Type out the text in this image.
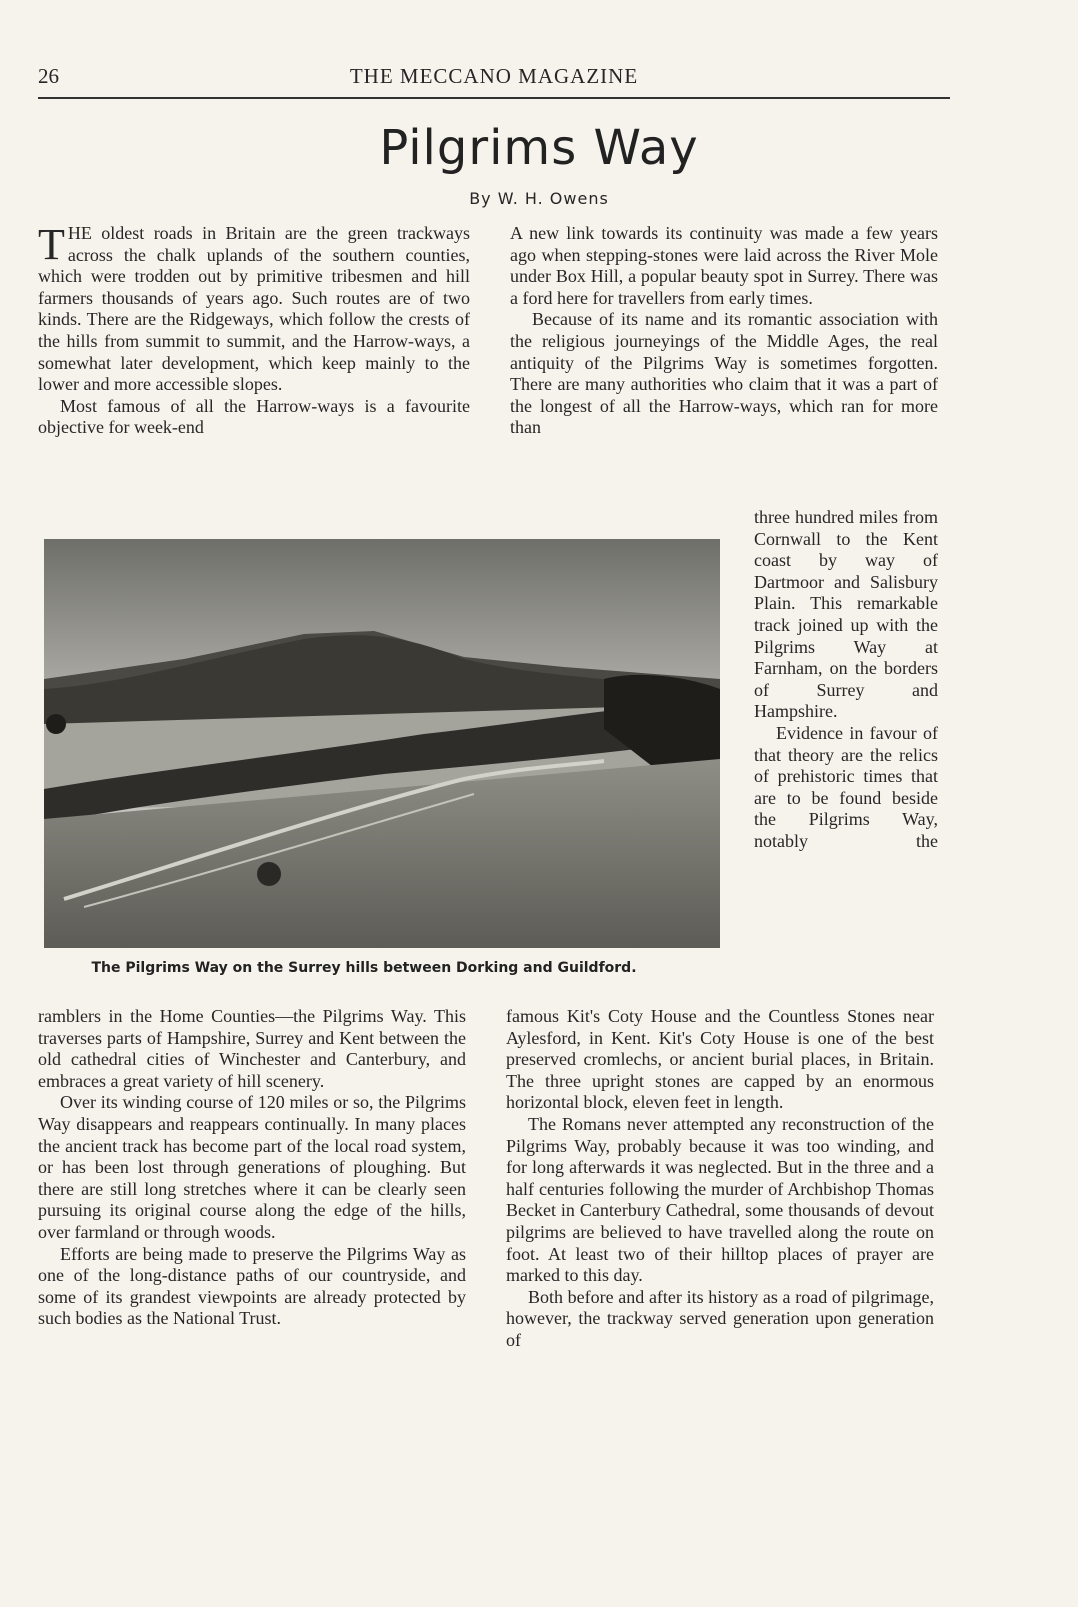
26	THE MECCANO MAGAZINE
Pilgrims Way
By W. H. Owens

THE oldest roads in Britain are the green trackways across the chalk uplands of the southern counties, which were trodden out by primitive tribesmen and hill farmers thousands of years ago. Such routes are of two kinds. There are the Ridgeways, which follow the crests of the hills from summit to summit, and the Harrow-ways, a somewhat later development, which keep mainly to the lower and more accessible slopes.

Most famous of all the Harrow-ways is a favourite objective for week-end

A new link towards its continuity was made a few years ago when stepping-stones were laid across the River Mole under Box Hill, a popular beauty spot in Surrey. There was a ford here for travellers from early times.

Because of its name and its romantic association with the religious journeyings of the Middle Ages, the real antiquity of the Pilgrims Way is sometimes forgotten. There are many authorities who claim that it was a part of the longest of all the Harrow-ways, which ran for more than

three hundred miles from Cornwall to the Kent coast by way of Dartmoor and Salisbury Plain. This remarkable track joined up with the Pilgrims Way at Farnham, on the borders of Surrey and Hampshire.

Evidence in favour of that theory are the relics of prehistoric times that are to be found beside the Pilgrims Way, notably the

The Pilgrims Way on the Surrey hills between Dorking and Guildford.

ramblers in the Home Counties—the Pilgrims Way. This traverses parts of Hampshire, Surrey and Kent between the old cathedral cities of Winchester and Canterbury, and embraces a great variety of hill scenery.

Over its winding course of 120 miles or so, the Pilgrims Way disappears and reappears continually. In many places the ancient track has become part of the local road system, or has been lost through generations of ploughing. But there are still long stretches where it can be clearly seen pursuing its original course along the edge of the hills, over farmland or through woods.

Efforts are being made to preserve the Pilgrims Way as one of the long-distance paths of our countryside, and some of its grandest viewpoints are already protected by such bodies as the National Trust.

famous Kit's Coty House and the Countless Stones near Aylesford, in Kent. Kit's Coty House is one of the best preserved cromlechs, or ancient burial places, in Britain. The three upright stones are capped by an enormous horizontal block, eleven feet in length.

The Romans never attempted any reconstruction of the Pilgrims Way, probably because it was too winding, and for long afterwards it was neglected. But in the three and a half centuries following the murder of Archbishop Thomas Becket in Canterbury Cathedral, some thousands of devout pilgrims are believed to have travelled along the route on foot. At least two of their hilltop places of prayer are marked to this day.

Both before and after its history as a road of pilgrimage, however, the trackway served generation upon generation of
